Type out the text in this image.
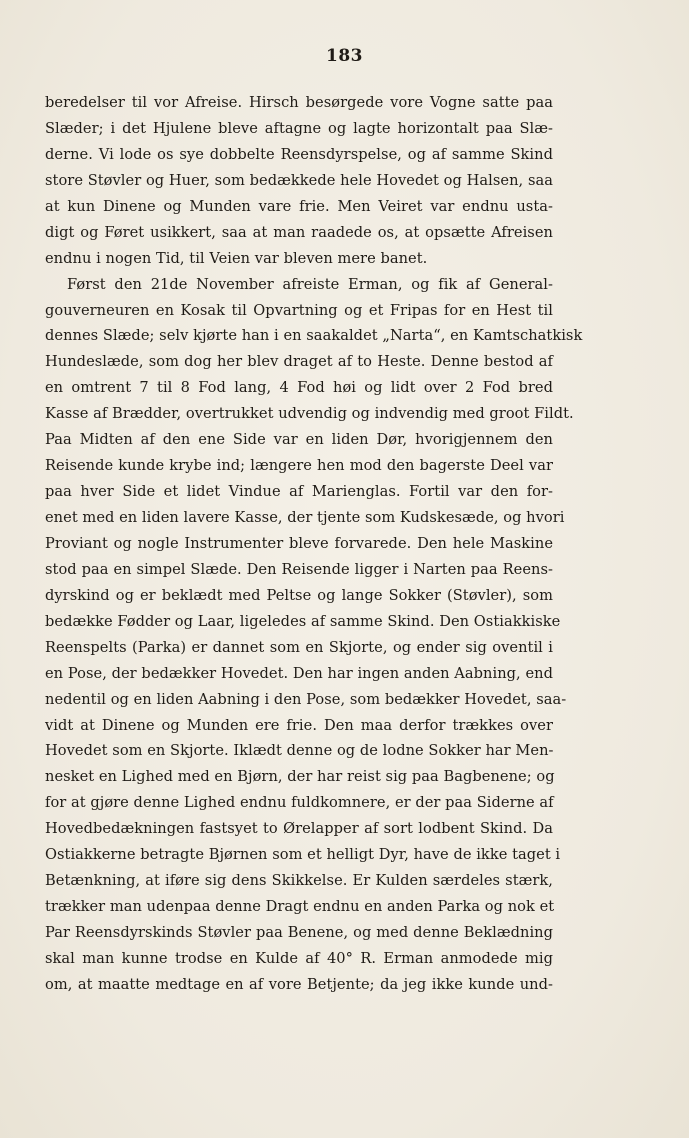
183
beredelser til vor Afreise. Hirsch besørgede vore Vogne satte paa
Slæder; i det Hjulene bleve aftagne og lagte horizontalt paa Slæ-
derne. Vi lode os sye dobbelte Reensdyrspelse, og af samme Skind
store Støvler og Huer, som bedækkede hele Hovedet og Halsen, saa
at kun Dinene og Munden vare frie. Men Veiret var endnu usta-
digt og Føret usikkert, saa at man raadede os, at opsætte Afreisen
endnu i nogen Tid, til Veien var bleven mere banet.
Først den 21de November afreiste Erman, og fik af General-
gouverneuren en Kosak til Opvartning og et Fripas for en Hest til
dennes Slæde; selv kjørte han i en saakaldet „Narta“, en Kamtschatkisk
Hundeslæde, som dog her blev draget af to Heste. Denne bestod af
en omtrent 7 til 8 Fod lang, 4 Fod høi og lidt over 2 Fod bred
Kasse af Brædder, overtrukket udvendig og indvendig med groot Fildt.
Paa Midten af den ene Side var en liden Dør, hvorigjennem den
Reisende kunde krybe ind; længere hen mod den bagerste Deel var
paa hver Side et lidet Vindue af Marienglas. Fortil var den for-
enet med en liden lavere Kasse, der tjente som Kudskesæde, og hvori
Proviant og nogle Instrumenter bleve forvarede. Den hele Maskine
stod paa en simpel Slæde. Den Reisende ligger i Narten paa Reens-
dyrskind og er beklædt med Peltse og lange Sokker (Støvler), som
bedække Fødder og Laar, ligeledes af samme Skind. Den Ostiakkiske
Reenspelts (Parka) er dannet som en Skjorte, og ender sig oventil i
en Pose, der bedækker Hovedet. Den har ingen anden Aabning, end
nedentil og en liden Aabning i den Pose, som bedækker Hovedet, saa-
vidt at Dinene og Munden ere frie. Den maa derfor trækkes over
Hovedet som en Skjorte. Iklædt denne og de lodne Sokker har Men-
nesket en Lighed med en Bjørn, der har reist sig paa Bagbenene; og
for at gjøre denne Lighed endnu fuldkomnere, er der paa Siderne af
Hovedbedækningen fastsyet to Ørelapper af sort lodbent Skind. Da
Ostiakkerne betragte Bjørnen som et helligt Dyr, have de ikke taget i
Betænkning, at iføre sig dens Skikkelse. Er Kulden særdeles stærk,
trækker man udenpaa denne Dragt endnu en anden Parka og nok et
Par Reensdyrskinds Støvler paa Benene, og med denne Beklædning
skal man kunne trodse en Kulde af 40° R. Erman anmodede mig
om, at maatte medtage en af vore Betjente; da jeg ikke kunde und-
